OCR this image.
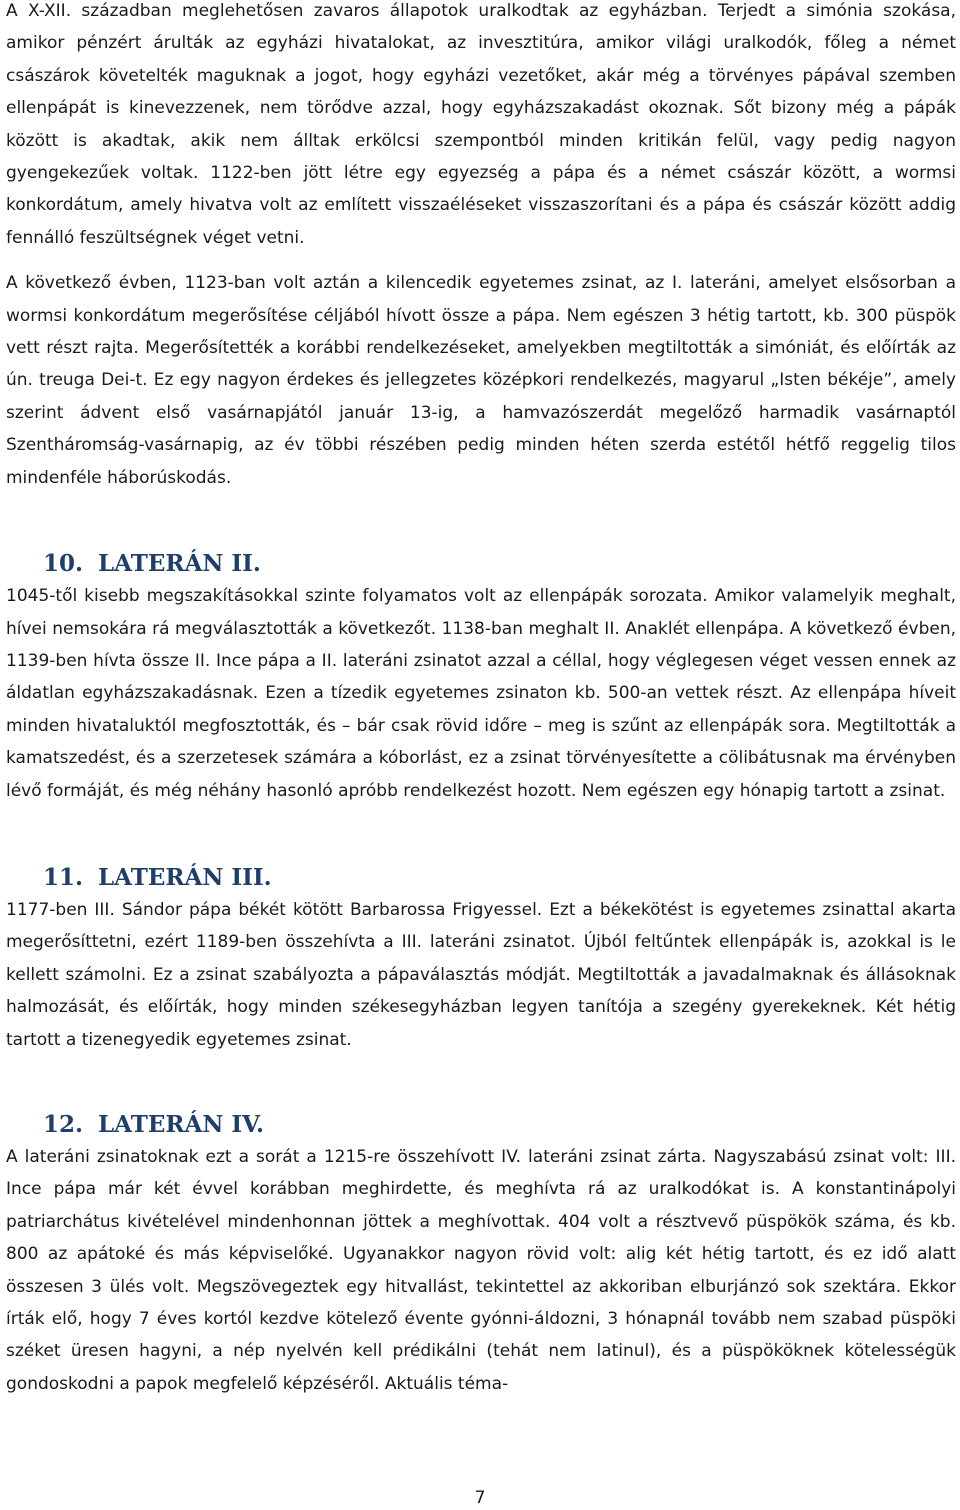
A X-XII. században meglehetősen zavaros állapotok uralkodtak az egyházban. Terjedt a simónia szokása, amikor pénzért árulták az egyházi hivatalokat, az invesztitúra, amikor világi uralkodók, főleg a német császárok követelték maguknak a jogot, hogy egyházi vezetőket, akár még a törvényes pápával szemben ellenpápát is kinevezzenek, nem törődve azzal, hogy egyházszakadást okoznak. Sőt bizony még a pápák között is akadtak, akik nem álltak erkölcsi szempontból minden kritikán felül, vagy pedig nagyon gyengekezűek voltak. 1122-ben jött létre egy egyezség a pápa és a német császár között, a wormsi konkordátum, amely hivatva volt az említett visszaéléseket visszaszorítani és a pápa és császár között addig fennálló feszültségnek véget vetni.

A következő évben, 1123-ban volt aztán a kilencedik egyetemes zsinat, az I. lateráni, amelyet elsősorban a wormsi konkordátum megerősítése céljából hívott össze a pápa. Nem egészen 3 hétig tartott, kb. 300 püspök vett részt rajta. Megerősítették a korábbi rendelkezéseket, amelyekben megtiltották a simóniát, és előírták az ún. treuga Dei-t. Ez egy nagyon érdekes és jellegzetes középkori rendelkezés, magyarul „Isten békéje”, amely szerint ádvent első vasárnapjától január 13-ig, a hamvazószerdát megelőző harmadik vasárnaptól Szentháromság-vasárnapig, az év többi részében pedig minden héten szerda estétől hétfő reggelig tilos mindenféle háborúskodás.

10. LATERÁN II.

1045-től kisebb megszakításokkal szinte folyamatos volt az ellenpápák sorozata. Amikor valamelyik meghalt, hívei nemsokára rá megválasztották a következőt. 1138-ban meghalt II. Anaklét ellenpápa. A következő évben, 1139-ben hívta össze II. Ince pápa a II. lateráni zsinatot azzal a céllal, hogy véglegesen véget vessen ennek az áldatlan egyházszakadásnak. Ezen a tízedik egyetemes zsinaton kb. 500-an vettek részt. Az ellenpápa híveit minden hivataluktól megfosztották, és – bár csak rövid időre – meg is szűnt az ellenpápák sora. Megtiltották a kamatszedést, és a szerzetesek számára a kóborlást, ez a zsinat törvényesítette a cölibátusnak ma érvényben lévő formáját, és még néhány hasonló apróbb rendelkezést hozott. Nem egészen egy hónapig tartott a zsinat.

11. LATERÁN III.

1177-ben III. Sándor pápa békét kötött Barbarossa Frigyessel. Ezt a békekötést is egyetemes zsinattal akarta megerősíttetni, ezért 1189-ben összehívta a III. lateráni zsinatot. Újból feltűntek ellenpápák is, azokkal is le kellett számolni. Ez a zsinat szabályozta a pápaválasztás módját. Megtiltották a javadalmaknak és állásoknak halmozását, és előírták, hogy minden székesegyházban legyen tanítója a szegény gyerekeknek. Két hétig tartott a tizenegyedik egyetemes zsinat.

12. LATERÁN IV.

A lateráni zsinatoknak ezt a sorát a 1215-re összehívott IV. lateráni zsinat zárta. Nagyszabású zsinat volt: III. Ince pápa már két évvel korábban meghirdette, és meghívta rá az uralkodókat is. A konstantinápolyi patriarchátus kivételével mindenhonnan jöttek a meghívottak. 404 volt a résztvevő püspökök száma, és kb. 800 az apátoké és más képviselőké. Ugyanakkor nagyon rövid volt: alig két hétig tartott, és ez idő alatt összesen 3 ülés volt. Megszövegeztek egy hitvallást, tekintettel az akkoriban elburjánzó sok szektára. Ekkor írták elő, hogy 7 éves kortól kezdve kötelező évente gyónni-áldozni, 3 hónapnál tovább nem szabad püspöki széket üresen hagyni, a nép nyelvén kell prédikálni (tehát nem latinul), és a püspököknek kötelességük gondoskodni a papok megfelelő képzéséről. Aktuális téma-

7
